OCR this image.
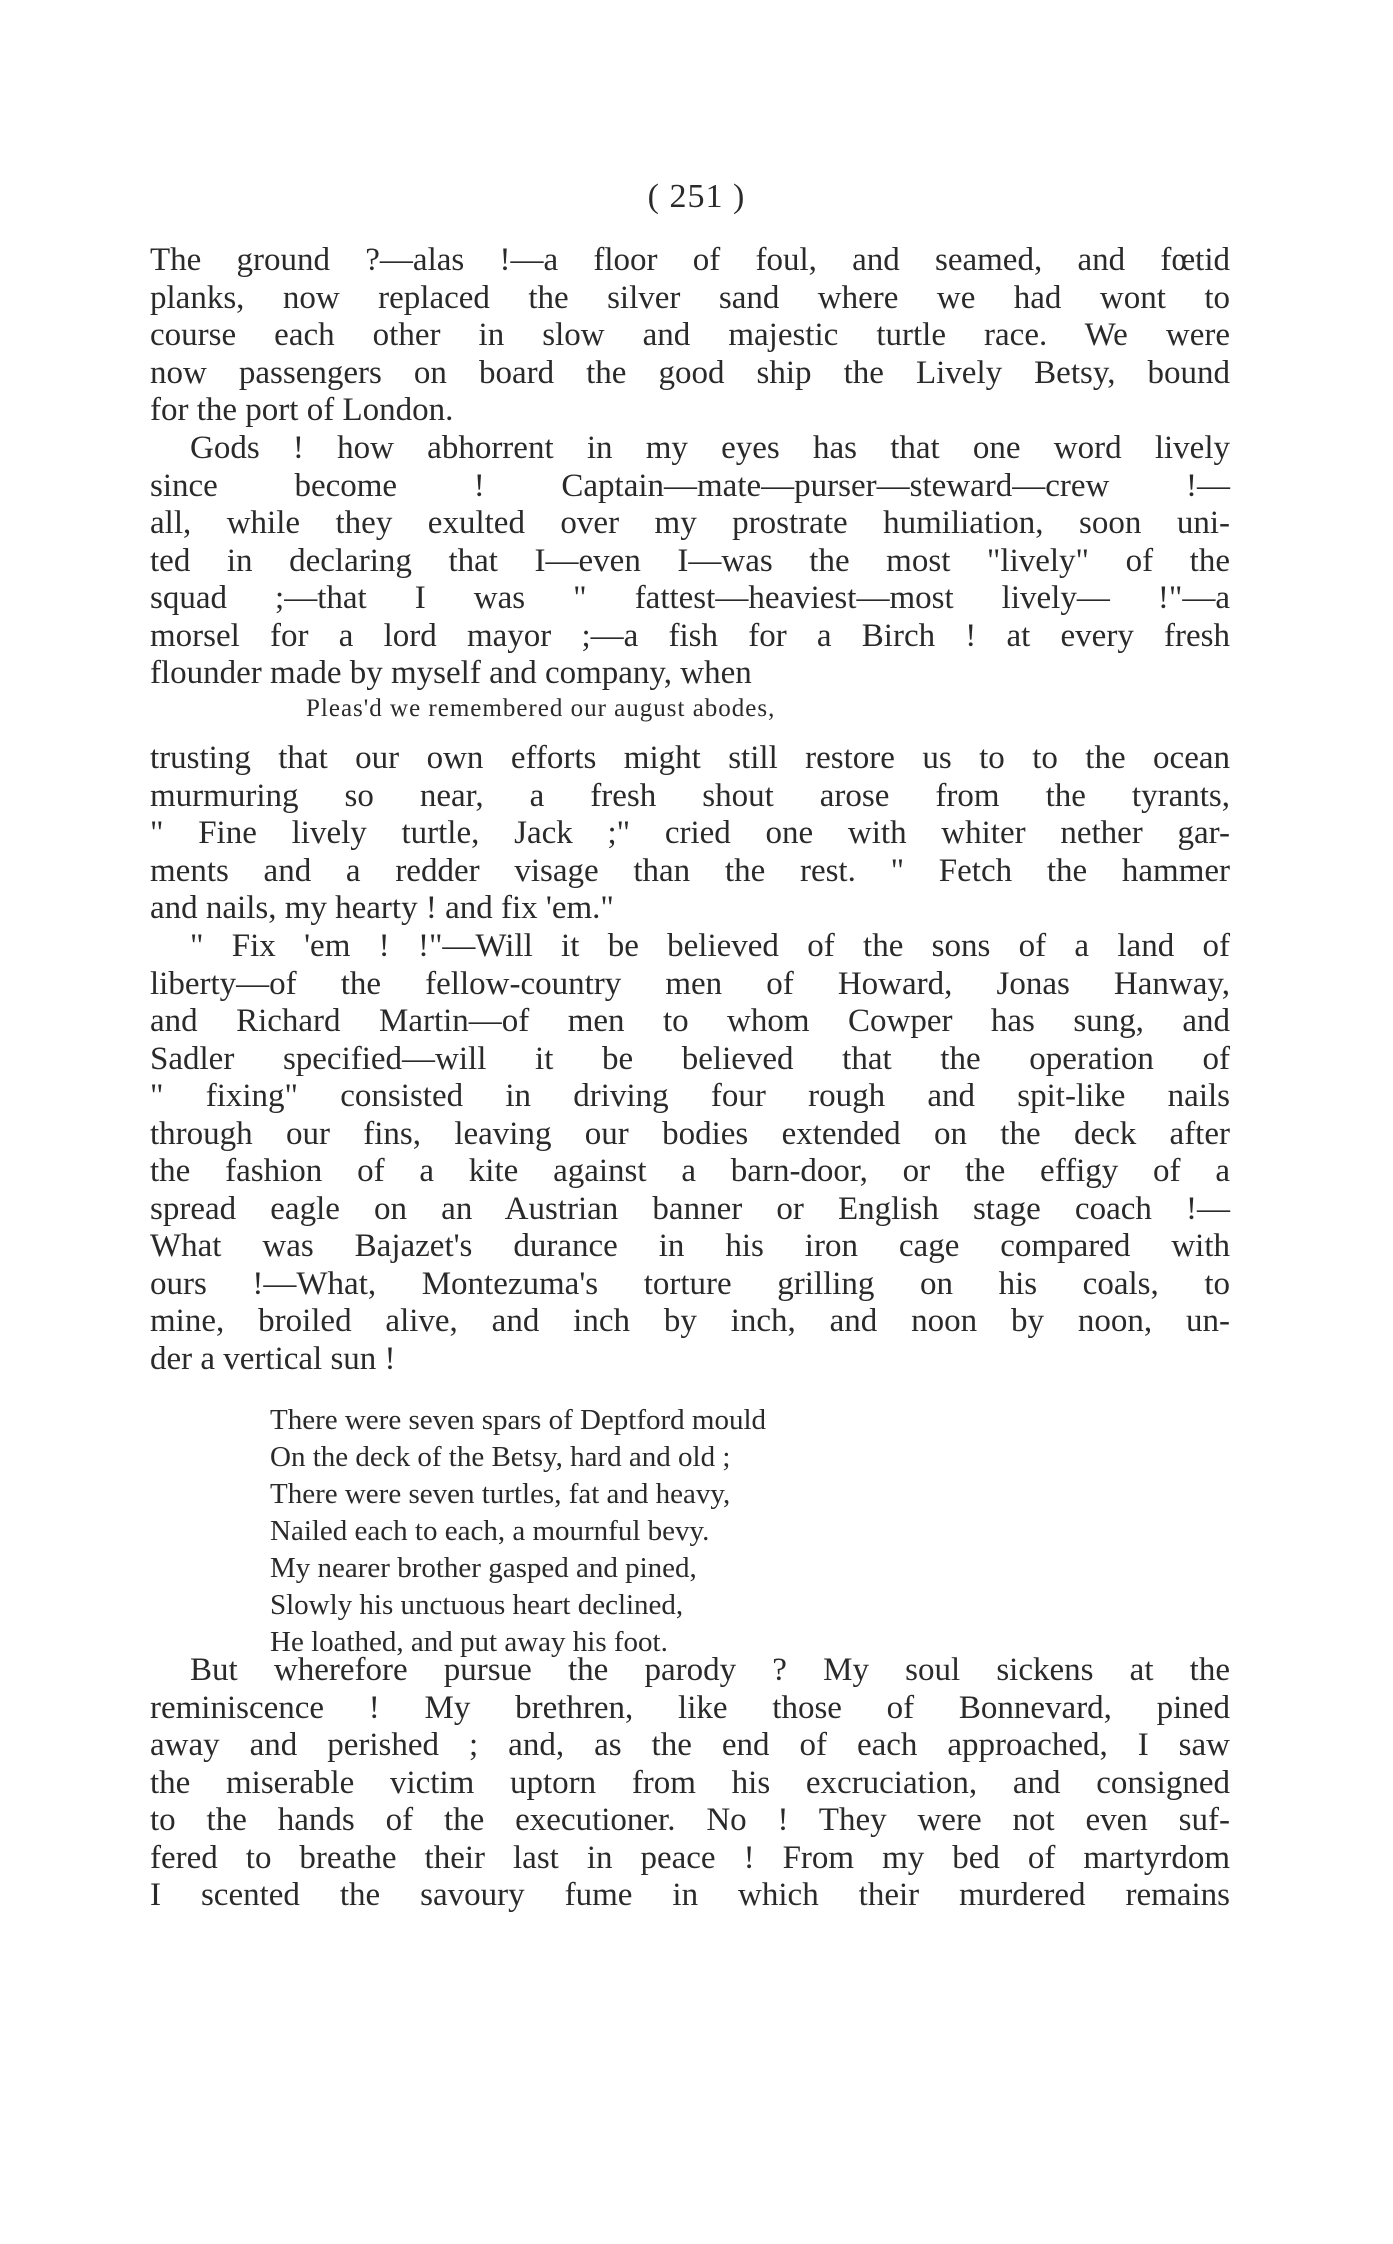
( 251 )
The ground ?—alas !—a floor of foul, and seamed, and fœtid
planks, now replaced the silver sand where we had wont to
course each other in slow and majestic turtle race. We were
now passengers on board the good ship the Lively Betsy, bound
for the port of London.
Gods ! how abhorrent in my eyes has that one word lively
since become ! Captain—mate—purser—steward—crew !—
all, while they exulted over my prostrate humiliation, soon uni-
ted in declaring that I—even I—was the most "lively" of the
squad ;—that I was " fattest—heaviest—most lively— !"—a
morsel for a lord mayor ;—a fish for a Birch ! at every fresh
flounder made by myself and company, when
Pleas'd we remembered our august abodes,
trusting that our own efforts might still restore us to to the ocean
murmuring so near, a fresh shout arose from the tyrants,
" Fine lively turtle, Jack ;" cried one with whiter nether gar-
ments and a redder visage than the rest. " Fetch the hammer
and nails, my hearty ! and fix 'em."
" Fix 'em ! !"—Will it be believed of the sons of a land of
liberty—of the fellow-country men of Howard, Jonas Hanway,
and Richard Martin—of men to whom Cowper has sung, and
Sadler specified—will it be believed that the operation of
" fixing" consisted in driving four rough and spit-like nails
through our fins, leaving our bodies extended on the deck after
the fashion of a kite against a barn-door, or the effigy of a
spread eagle on an Austrian banner or English stage coach !—
What was Bajazet's durance in his iron cage compared with
ours !—What, Montezuma's torture grilling on his coals, to
mine, broiled alive, and inch by inch, and noon by noon, un-
der a vertical sun !
There were seven spars of Deptford mould
On the deck of the Betsy, hard and old ;
There were seven turtles, fat and heavy,
Nailed each to each, a mournful bevy.
My nearer brother gasped and pined,
Slowly his unctuous heart declined,
He loathed, and put away his foot.
But wherefore pursue the parody ? My soul sickens at the
reminiscence ! My brethren, like those of Bonnevard, pined
away and perished ; and, as the end of each approached, I saw
the miserable victim uptorn from his excruciation, and consigned
to the hands of the executioner. No ! They were not even suf-
fered to breathe their last in peace ! From my bed of martyrdom
I scented the savoury fume in which their murdered remains
